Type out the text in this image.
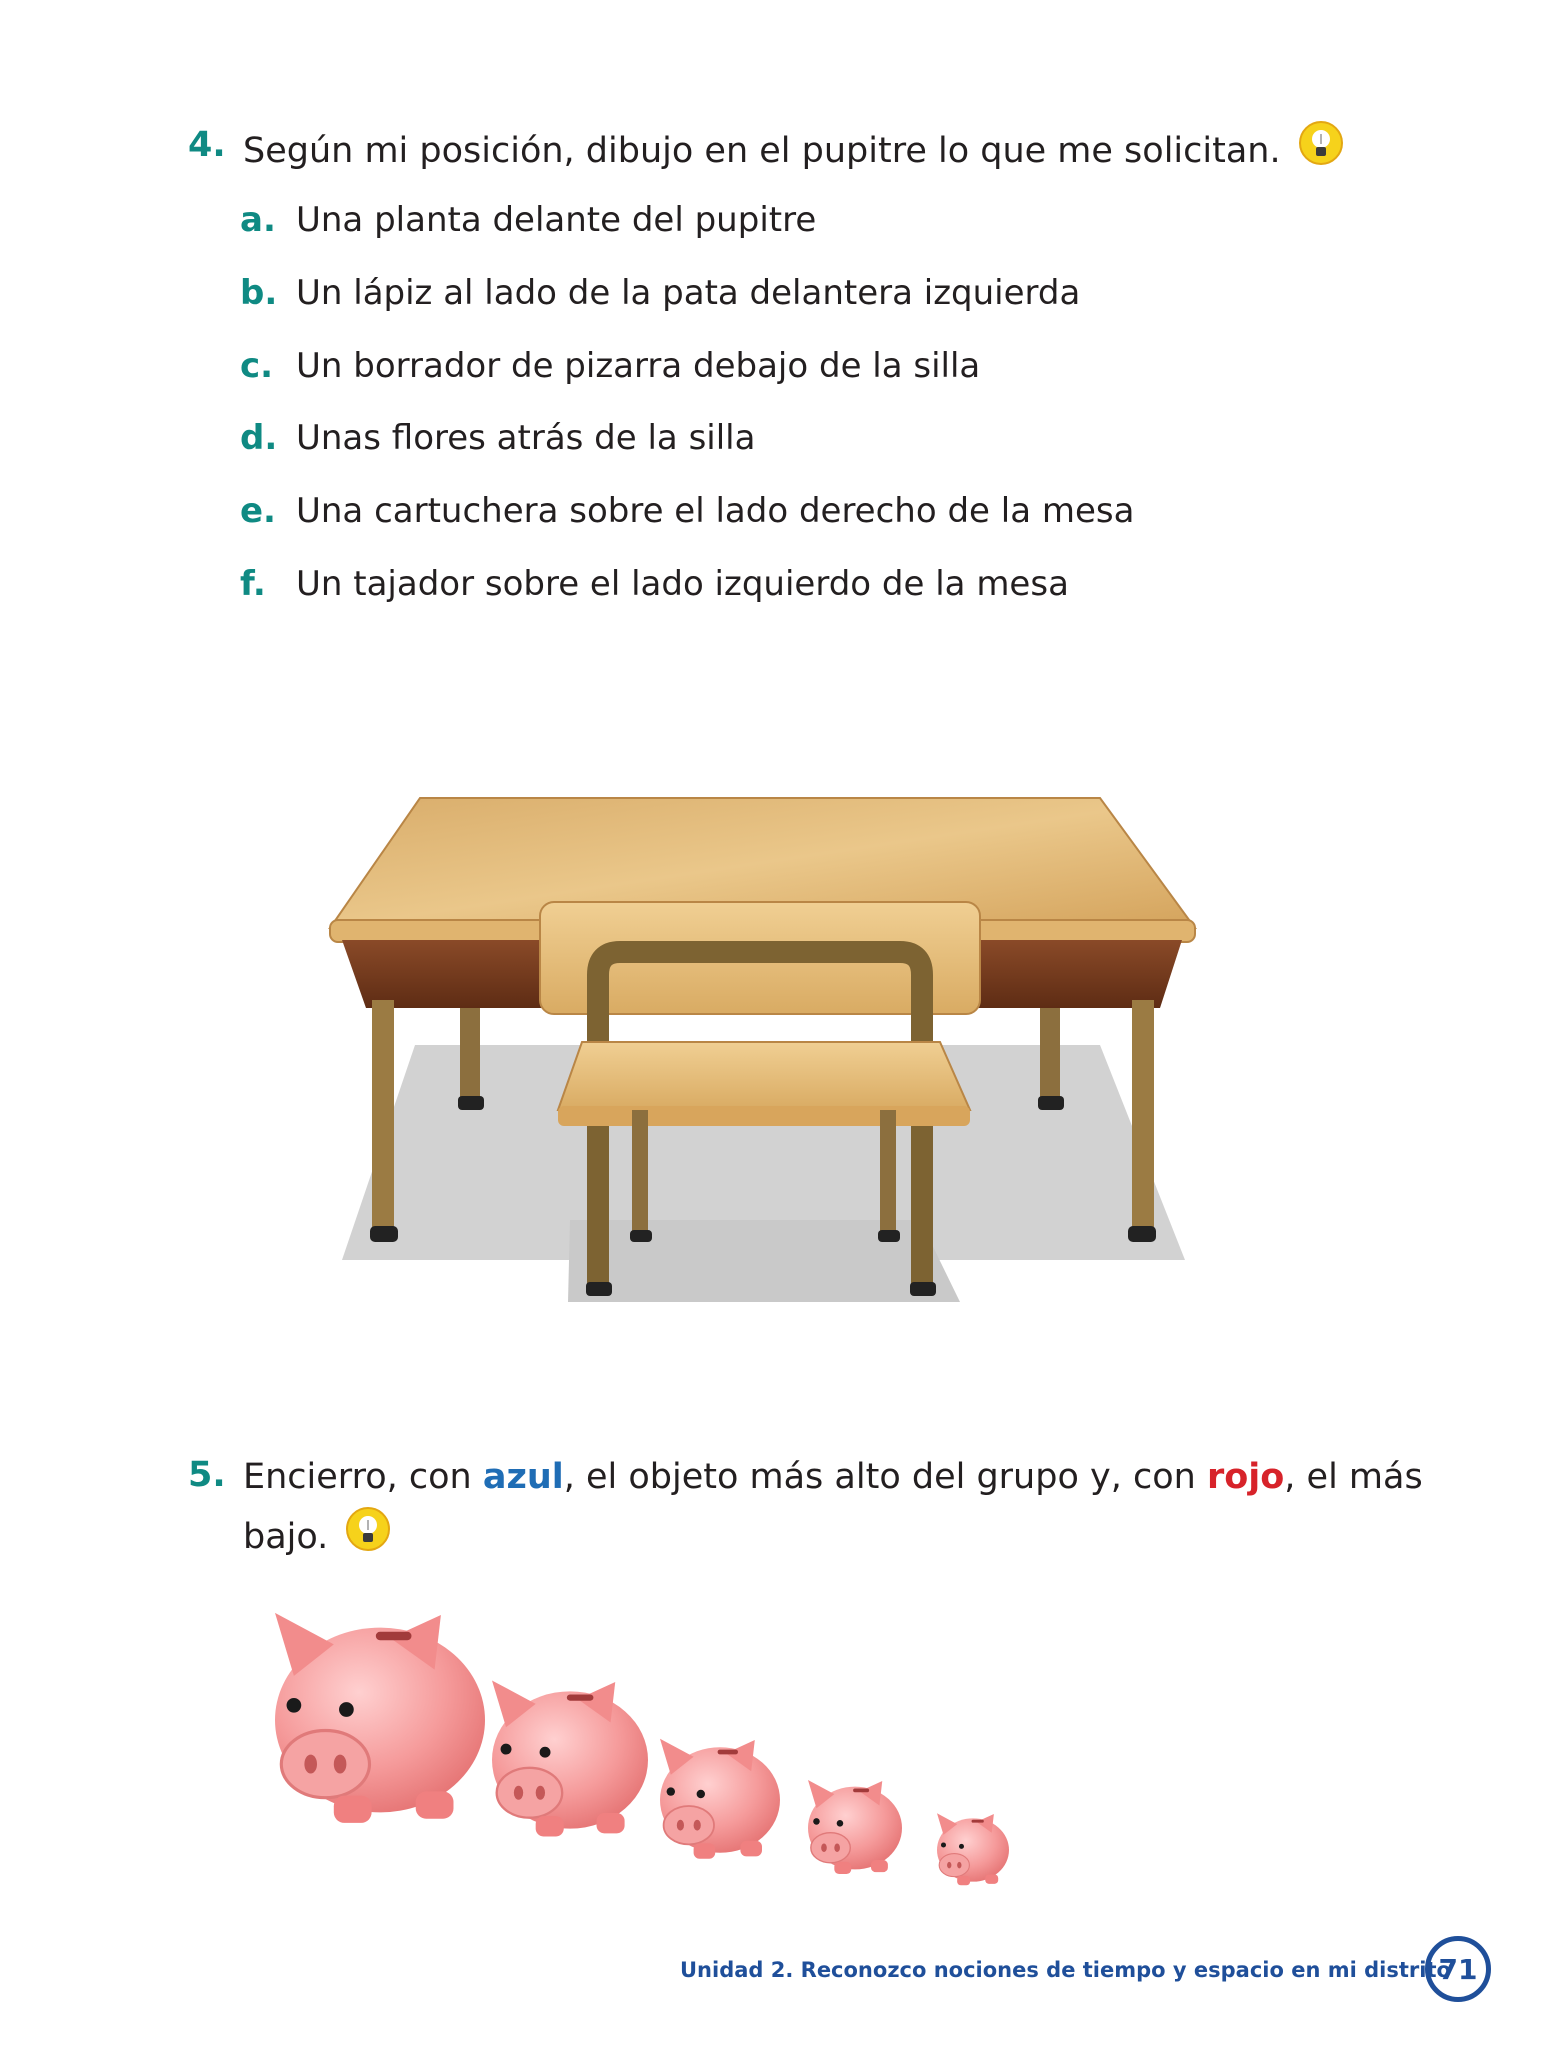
4. Según mi posición, dibujo en el pupitre lo que me solicitan.
a. Una planta delante del pupitre
b. Un lápiz al lado de la pata delantera izquierda
c. Un borrador de pizarra debajo de la silla
d. Unas flores atrás de la silla
e. Una cartuchera sobre el lado derecho de la mesa
f. Un tajador sobre el lado izquierdo de la mesa
5. Encierro, con azul, el objeto más alto del grupo y, con rojo, el más
bajo.
Unidad 2. Reconozco nociones de tiempo y espacio en mi distrito
71
